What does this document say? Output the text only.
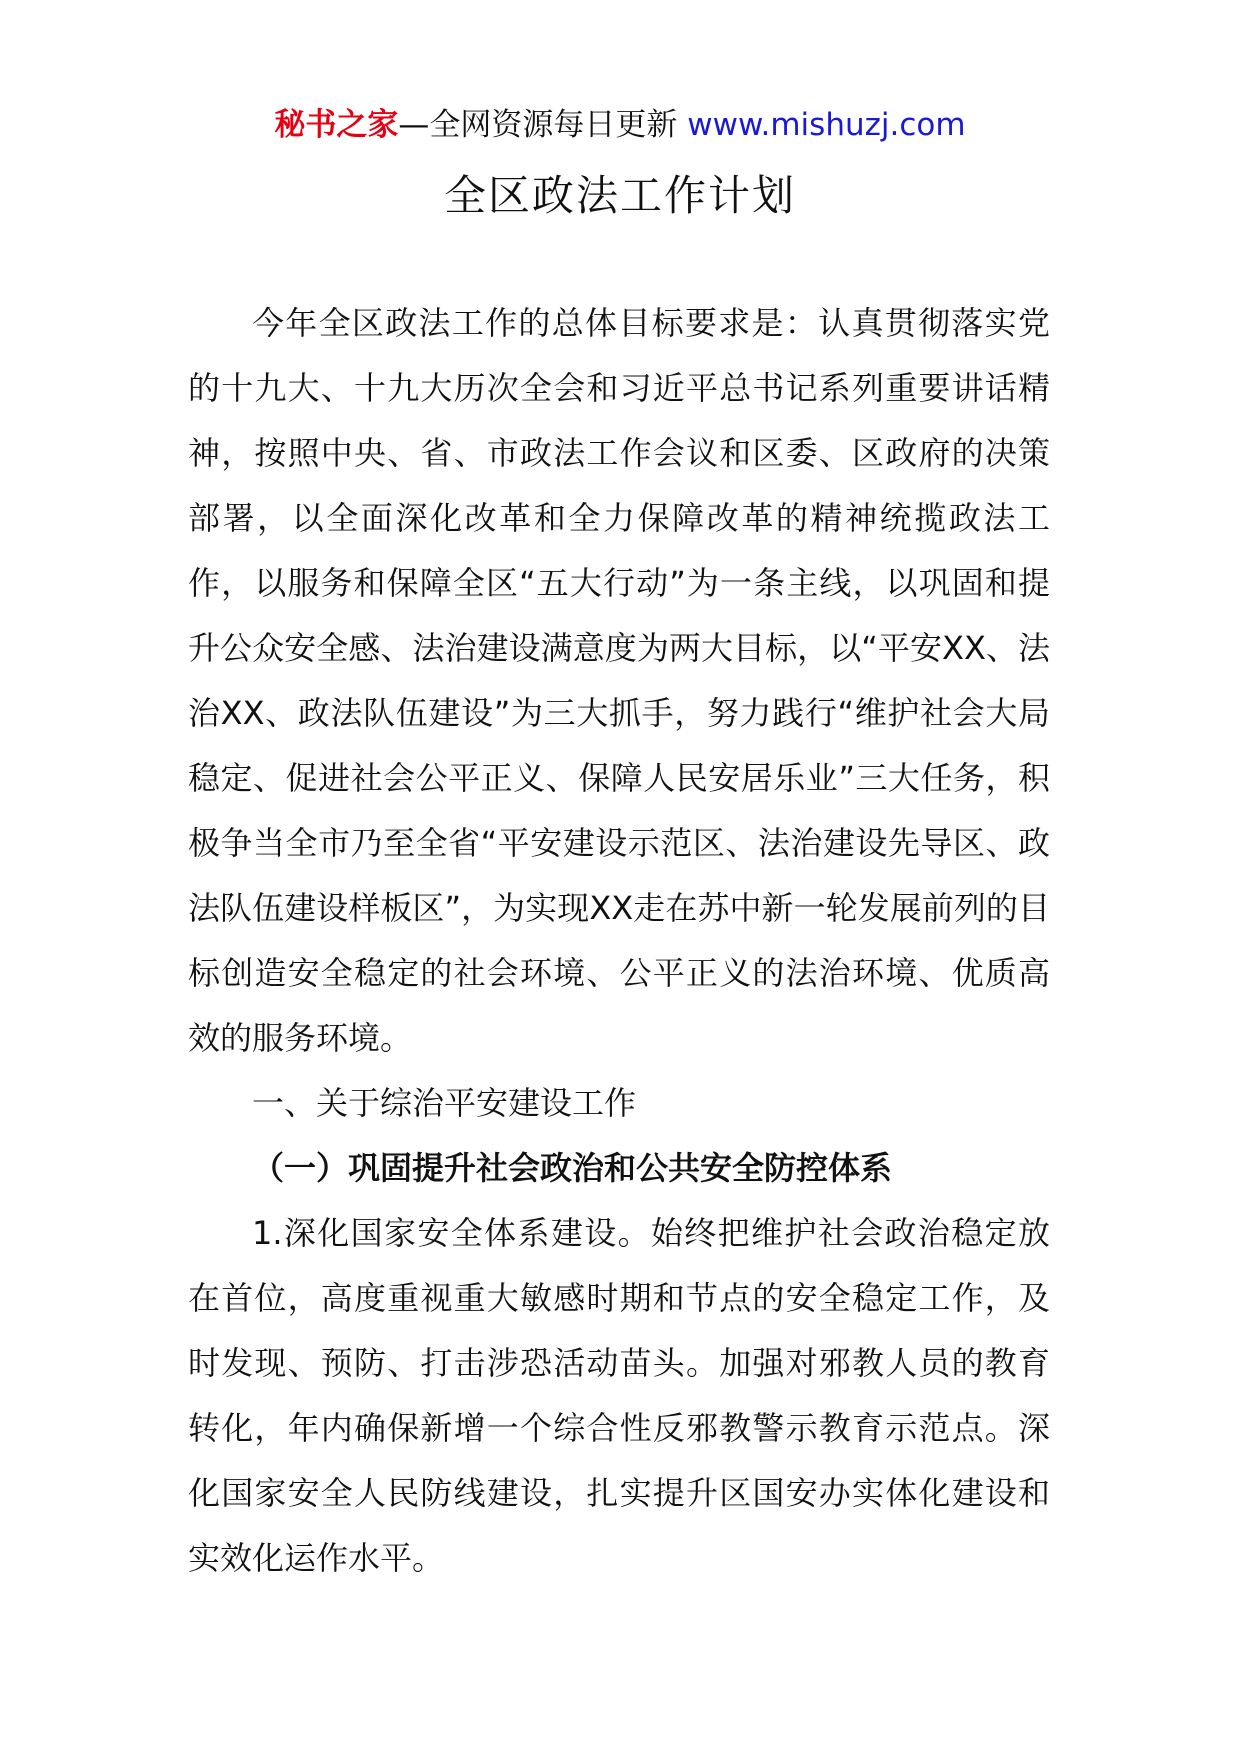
秘书之家—全网资源每日更新 www.mishuzj.com
全区政法工作计划

今年全区政法工作的总体目标要求是：认真贯彻落实党的十九大、十九大历次全会和习近平总书记系列重要讲话精神，按照中央、省、市政法工作会议和区委、区政府的决策部署，以全面深化改革和全力保障改革的精神统揽政法工作，以服务和保障全区“五大行动”为一条主线，以巩固和提升公众安全感、法治建设满意度为两大目标，以“平安XX、法治XX、政法队伍建设”为三大抓手，努力践行“维护社会大局稳定、促进社会公平正义、保障人民安居乐业”三大任务，积极争当全市乃至全省“平安建设示范区、法治建设先导区、政法队伍建设样板区”，为实现XX走在苏中新一轮发展前列的目标创造安全稳定的社会环境、公平正义的法治环境、优质高效的服务环境。

一、关于综治平安建设工作

（一）巩固提升社会政治和公共安全防控体系

1.深化国家安全体系建设。始终把维护社会政治稳定放在首位，高度重视重大敏感时期和节点的安全稳定工作，及时发现、预防、打击涉恐活动苗头。加强对邪教人员的教育转化，年内确保新增一个综合性反邪教警示教育示范点。深化国家安全人民防线建设，扎实提升区国安办实体化建设和实效化运作水平。
